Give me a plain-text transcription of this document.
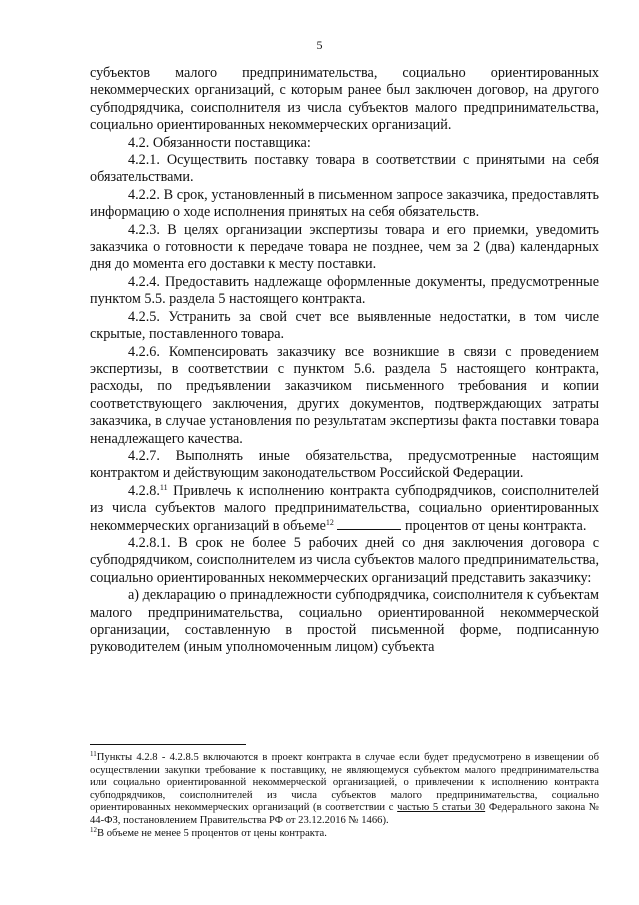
5

субъектов малого предпринимательства, социально ориентированных некоммерческих организаций, с которым ранее был заключен договор, на другого субподрядчика, соисполнителя из числа субъектов малого предпринимательства, социально ориентированных некоммерческих организаций.

4.2. Обязанности поставщика:

4.2.1. Осуществить поставку товара в соответствии с принятыми на себя обязательствами.

4.2.2. В срок, установленный в письменном запросе заказчика, предоставлять информацию о ходе исполнения принятых на себя обязательств.

4.2.3. В целях организации экспертизы товара и его приемки, уведомить заказчика о готовности к передаче товара не позднее, чем за 2 (два) календарных дня до момента его доставки к месту поставки.

4.2.4. Предоставить надлежаще оформленные документы, предусмотренные пунктом 5.5. раздела 5 настоящего контракта.

4.2.5. Устранить за свой счет все выявленные недостатки, в том числе скрытые, поставленного товара.

4.2.6. Компенсировать заказчику все возникшие в связи с проведением экспертизы, в соответствии с пунктом 5.6. раздела 5 настоящего контракта, расходы, по предъявлении заказчиком письменного требования и копии соответствующего заключения, других документов, подтверждающих затраты заказчика, в случае установления по результатам экспертизы факта поставки товара ненадлежащего качества.

4.2.7. Выполнять иные обязательства, предусмотренные настоящим контрактом и действующим законодательством Российской Федерации.

4.2.8.11 Привлечь к исполнению контракта субподрядчиков, соисполнителей из числа субъектов малого предпринимательства, социально ориентированных некоммерческих организаций в объеме$^{12}$	процентов от цены контракта.

4.2.8.1. В срок не более 5 рабочих дней со дня заключения договора с субподрядчиком, соисполнителем из числа субъектов малого предпринимательства, социально ориентированных некоммерческих организаций представить заказчику:

а) декларацию о принадлежности субподрядчика, соисполнителя к субъектам малого предпринимательства, социально ориентированной некоммерческой организации, составленную в простой письменной форме, подписанную руководителем (иным уполномоченным лицом) субъекта

$^{11}$Пункты 4.2.8 - 4.2.8.5 включаются в проект контракта в случае если будет предусмотрено в извещении об осуществлении закупки требование к поставщику, не являющемуся субъектом малого предпринимательства или социально ориентированной некоммерческой организацией, о привлечении к исполнению контракта субподрядчиков, соисполнителей из числа субъектов малого предпринимательства, социально ориентированных некоммерческих организаций (в соответствии с частью 5 статьи 30 Федерального закона № 44-ФЗ, постановлением Правительства РФ от 23.12.2016 № 1466).

$^{12}$В объеме не менее 5 процентов от цены контракта.
